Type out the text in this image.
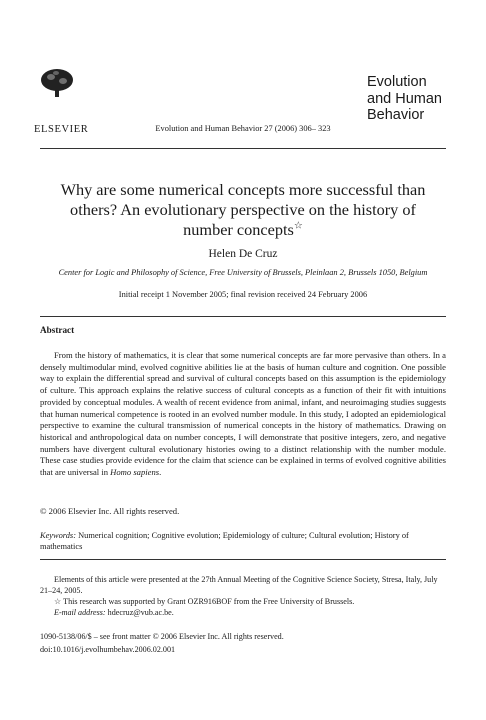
ELSEVIER	Evolution and Human Behavior 27 (2006) 306– 323
Evolution
and Human
Behavior
Why are some numerical concepts more successful than
others? An evolutionary perspective on the history of
number concepts☆
Helen De Cruz
Center for Logic and Philosophy of Science, Free University of Brussels, Pleinlaan 2, Brussels 1050, Belgium
Initial receipt 1 November 2005; final revision received 24 February 2006
Abstract
From the history of mathematics, it is clear that some numerical concepts are far more pervasive than others. In a densely multimodular mind, evolved cognitive abilities lie at the basis of human culture and cognition. One possible way to explain the differential spread and survival of cultural concepts based on this assumption is the epidemiology of culture. This approach explains the relative success of cultural concepts as a function of their fit with intuitions provided by conceptual modules. A wealth of recent evidence from animal, infant, and neuroimaging studies suggests that human numerical competence is rooted in an evolved number module. In this study, I adopted an epidemiological perspective to examine the cultural transmission of numerical concepts in the history of mathematics. Drawing on historical and anthropological data on number concepts, I will demonstrate that positive integers, zero, and negative numbers have divergent cultural evolutionary histories owing to a distinct relationship with the number module. These case studies provide evidence for the claim that science can be explained in terms of evolved cognitive abilities that are universal in Homo sapiens.
© 2006 Elsevier Inc. All rights reserved.
Keywords: Numerical cognition; Cognitive evolution; Epidemiology of culture; Cultural evolution; History of mathematics

Elements of this article were presented at the 27th Annual Meeting of the Cognitive Science Society, Stresa, Italy, July 21–24, 2005.

☆ This research was supported by Grant OZR916BOF from the Free University of Brussels.

E-mail address: hdecruz@vub.ac.be.

1090-5138/06/$ – see front matter © 2006 Elsevier Inc. All rights reserved.
doi:10.1016/j.evolhumbehav.2006.02.001
